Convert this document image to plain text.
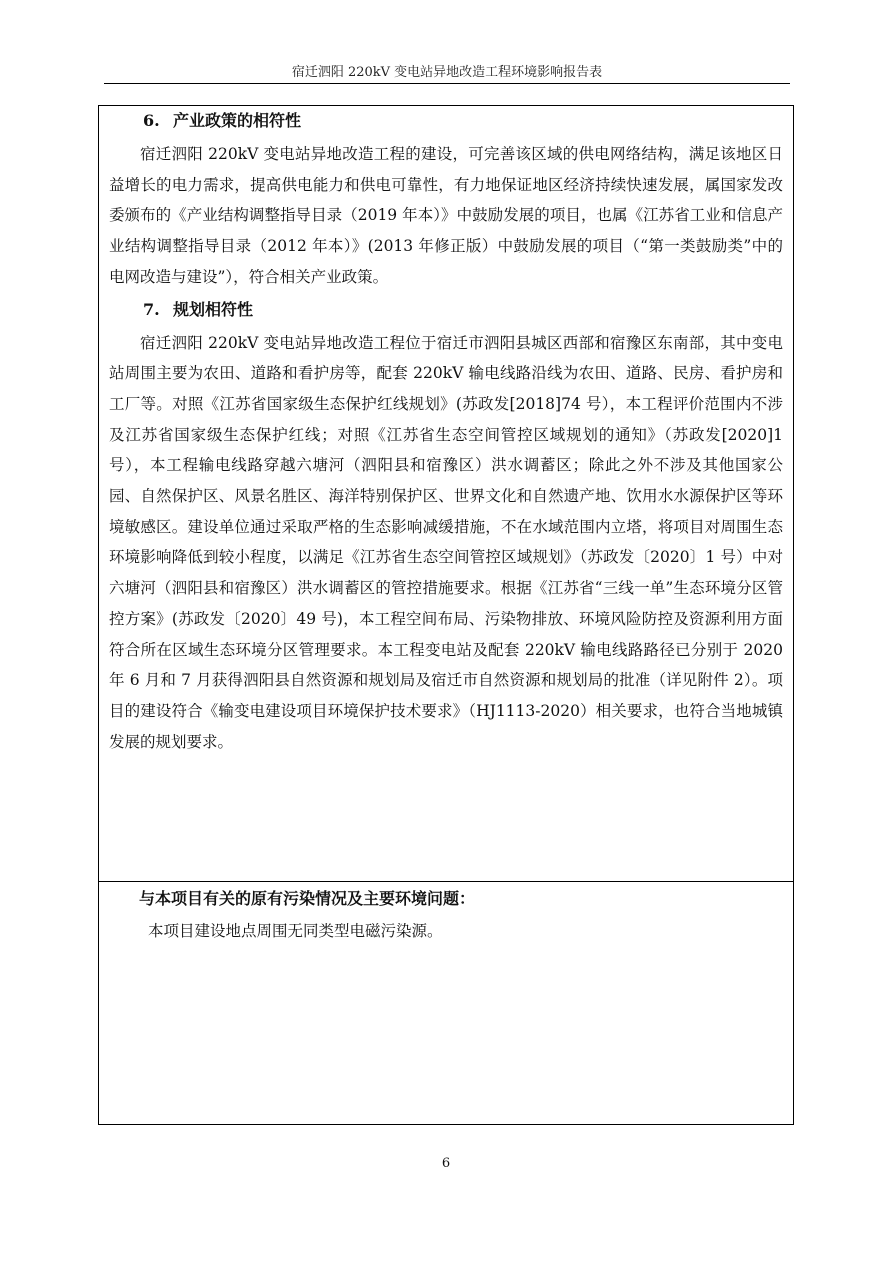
宿迁泗阳 220kV 变电站异地改造工程环境影响报告表
6. 产业政策的相符性

宿迁泗阳 220kV 变电站异地改造工程的建设，可完善该区域的供电网络结构，满足该地区日益增长的电力需求，提高供电能力和供电可靠性，有力地保证地区经济持续快速发展，属国家发改委颁布的《产业结构调整指导目录（2019 年本）》中鼓励发展的项目，也属《江苏省工业和信息产业结构调整指导目录（2012 年本）》(2013 年修正版）中鼓励发展的项目（“第一类鼓励类”中的电网改造与建设”），符合相关产业政策。

7. 规划相符性

宿迁泗阳 220kV 变电站异地改造工程位于宿迁市泗阳县城区西部和宿豫区东南部，其中变电站周围主要为农田、道路和看护房等，配套 220kV 输电线路沿线为农田、道路、民房、看护房和工厂等。对照《江苏省国家级生态保护红线规划》(苏政发[2018]74 号），本工程评价范围内不涉及江苏省国家级生态保护红线；对照《江苏省生态空间管控区域规划的通知》（苏政发[2020]1 号），本工程输电线路穿越六塘河（泗阳县和宿豫区）洪水调蓄区；除此之外不涉及其他国家公园、自然保护区、风景名胜区、海洋特别保护区、世界文化和自然遗产地、饮用水水源保护区等环境敏感区。建设单位通过采取严格的生态影响减缓措施，不在水域范围内立塔，将项目对周围生态环境影响降低到较小程度，以满足《江苏省生态空间管控区域规划》（苏政发〔2020〕1 号）中对六塘河（泗阳县和宿豫区）洪水调蓄区的管控措施要求。根据《江苏省“三线一单”生态环境分区管控方案》(苏政发〔2020〕49 号)，本工程空间布局、污染物排放、环境风险防控及资源利用方面符合所在区域生态环境分区管理要求。本工程变电站及配套 220kV 输电线路路径已分别于 2020 年 6 月和 7 月获得泗阳县自然资源和规划局及宿迁市自然资源和规划局的批准（详见附件 2）。项目的建设符合《输变电建设项目环境保护技术要求》（HJ1113-2020）相关要求，也符合当地城镇发展的规划要求。

与本项目有关的原有污染情况及主要环境问题：

本项目建设地点周围无同类型电磁污染源。

6
